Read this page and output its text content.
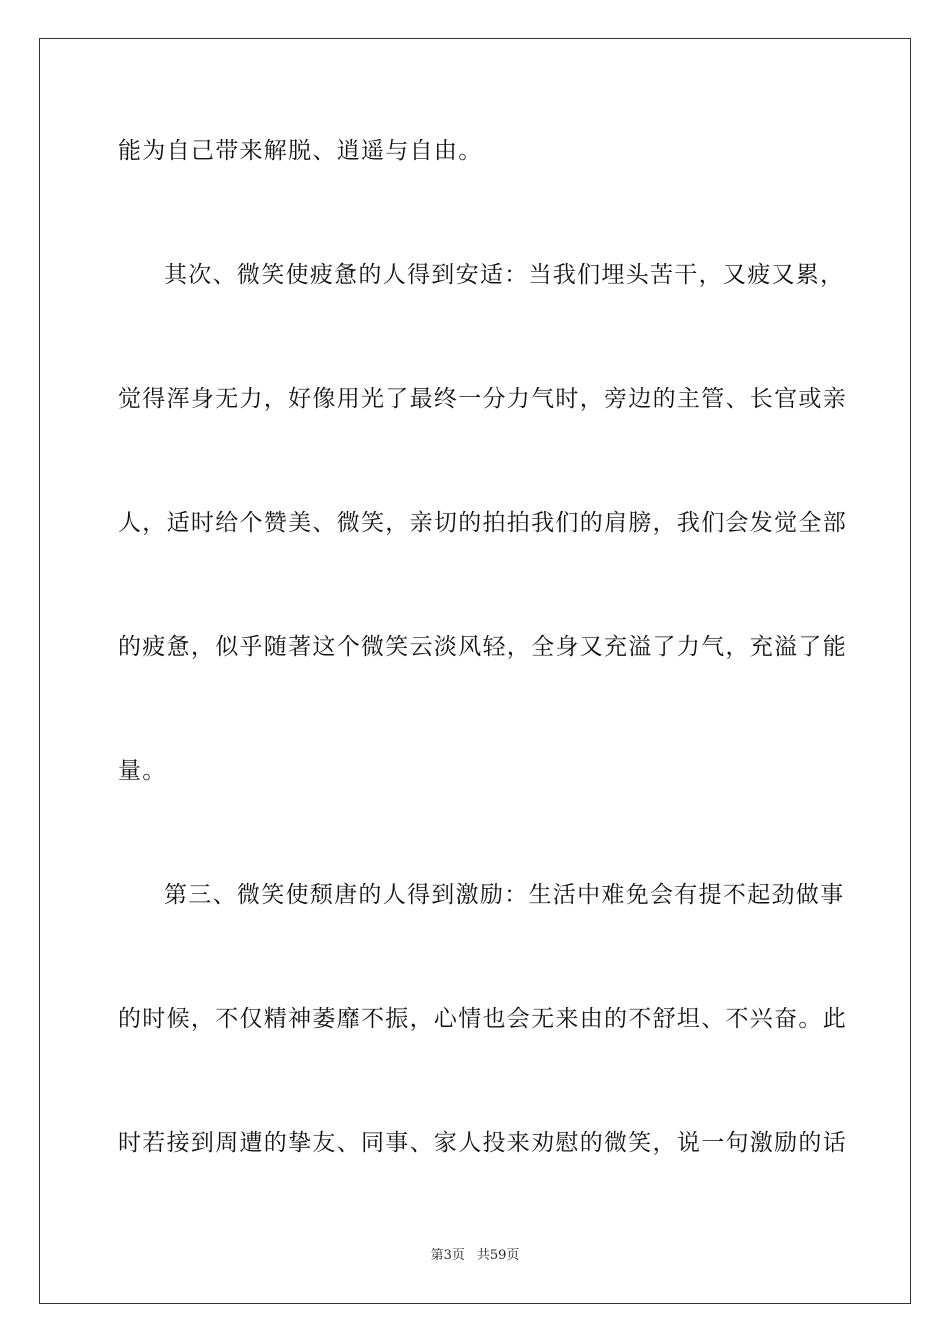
能为自己带来解脱、逍遥与自由。
其次、微笑使疲惫的人得到安适：当我们埋头苦干，又疲又累，
觉得浑身无力，好像用光了最终一分力气时，旁边的主管、长官或亲
人，适时给个赞美、微笑，亲切的拍拍我们的肩膀，我们会发觉全部
的疲惫，似乎随著这个微笑云淡风轻，全身又充溢了力气，充溢了能
量。
第三、微笑使颓唐的人得到激励：生活中难免会有提不起劲做事
的时候，不仅精神萎靡不振，心情也会无来由的不舒坦、不兴奋。此
时若接到周遭的挚友、同事、家人投来劝慰的微笑，说一句激励的话
第3页 共59页
